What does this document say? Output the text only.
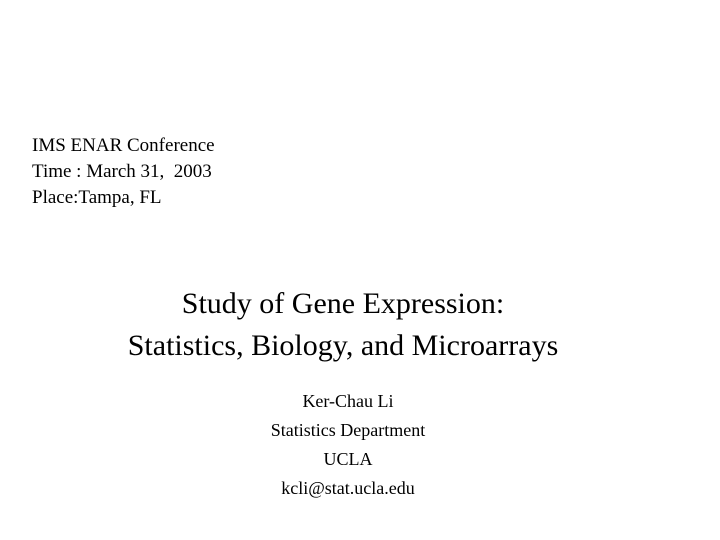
IMS ENAR Conference
Time : March 31,  2003
Place:Tampa, FL
Study of Gene Expression:
Statistics, Biology, and Microarrays
Ker-Chau Li
Statistics Department
UCLA
kcli@stat.ucla.edu
